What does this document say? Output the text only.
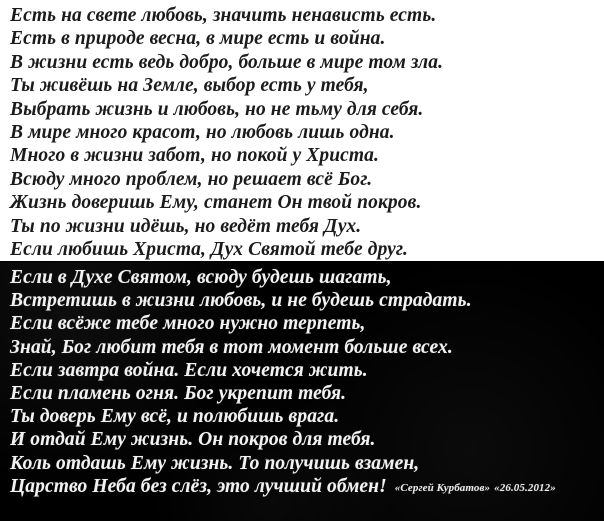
Есть на свете любовь, значить ненависть есть.
Есть в природе весна, в мире есть и война.
В жизни есть ведь добро, больше в мире том зла.
Ты живёшь на Земле, выбор есть у тебя,
Выбрать жизнь и любовь, но не тьму для себя.
В мире много красот, но любовь лишь одна.
Много в жизни забот, но покой у Христа.
Всюду много проблем, но решает всё Бог.
Жизнь доверишь Ему, станет Он твой покров.
Ты по жизни идёшь, но ведёт тебя Дух.
Если любишь Христа, Дух Святой тебе друг.
Если в Духе Святом, всюду будешь шагать,
Встретишь в жизни любовь, и не будешь страдать.
Если всёже тебе много нужно терпеть,
Знай, Бог любит тебя в тот момент больше всех.
Если завтра война. Если хочется жить.
Если пламень огня. Бог укрепит тебя.
Ты доверь Ему всё, и полюбишь врага.
И отдай Ему жизнь. Он покров для тебя.
Коль отдашь Ему жизнь. То получишь взамен,
Царство Неба без слёз, это лучший обмен! «Сергей Курбатов» «26.05.2012»
